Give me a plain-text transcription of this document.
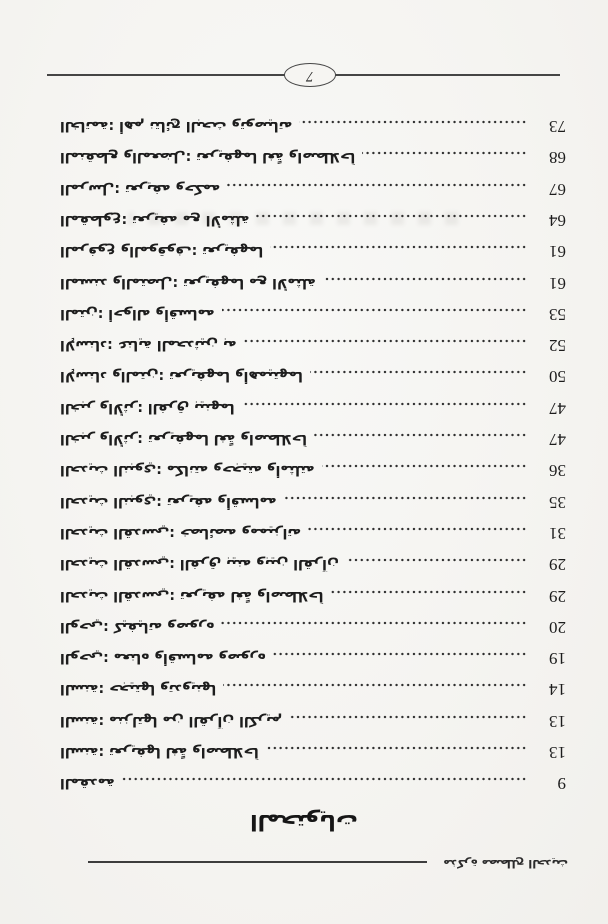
مذكرة مصطلح الحديث
المحتويات
المقدمة	9
السنة: تعريفها لغةً واصطلاحاً	13
السنة: منزلتها من القرآن الكريم	13
السنة: حجيتها وتدوينها	14
الوحي: معناه وأقسامه وصوره	19
الوحي: كيفياته وصوره	20
الحديث القدسي: تعريفه لغةً واصطلاحاً	29
الحديث القدسي: الفرق بينه وبين القرآن	29
الحديث القدسي: خصائصه ومميزاته	31
الحديث النبوي: تعريفه وأقسامه	35
الحديث النبوي: مكانته وحجيته وأمثلته	36
الخبر والأثر: تعريفهما لغةً واصطلاحاً	47
الخبر والأثر: الفرق بينهما	47
الإسناد والمتن: تعريفهما وأهميتهما	50
الإسناد: عناية المحدثين به	52
المتن: أحواله وأقسامه	53
المسند والمتصل: تعريفهما مع الأمثلة	61
المرفوع والموقوف: تعريفهما	61
المقطوع: تعريفه مع الأمثلة	64
المرسل: تعريفه وحكمه	67
المنقطع والمعضل: تعريفهما لغةً واصطلاحاً	68
الخاتمة: أهم نتائج البحث وتوصياته	73
7
